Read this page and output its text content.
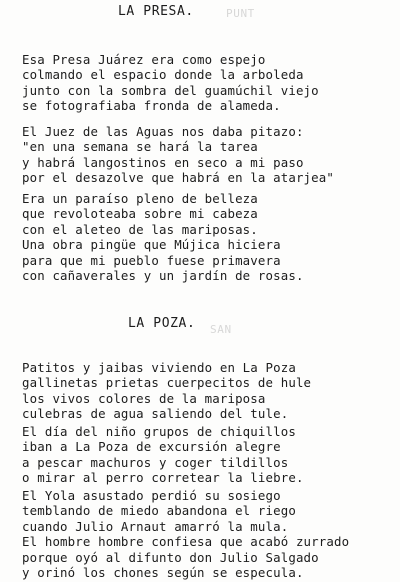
PUNT
SAN
LA PRESA.
Esa Presa Juárez era como espejo
colmando el espacio donde la arboleda
junto con la sombra del guamúchil viejo
se fotografiaba fronda de alameda.
El Juez de las Aguas nos daba pitazo:
"en una semana se hará la tarea
y habrá langostinos en seco a mi paso
por el desazolve que habrá en la atarjea"
Era un paraíso pleno de belleza
que revoloteaba sobre mi cabeza
con el aleteo de las mariposas.
Una obra pingüe que Mújica hiciera
para que mi pueblo fuese primavera
con cañaverales y un jardín de rosas.
LA POZA.
Patitos y jaibas viviendo en La Poza
gallinetas prietas cuerpecitos de hule
los vivos colores de la mariposa
culebras de agua saliendo del tule.
El día del niño grupos de chiquillos
iban a La Poza de excursión alegre
a pescar machuros y coger tildillos
o mirar al perro corretear la liebre.
El Yola asustado perdió su sosiego
temblando de miedo abandona el riego
cuando Julio Arnaut amarró la mula.
El hombre hombre confiesa que acabó zurrado
porque oyó al difunto don Julio Salgado
y orinó los chones según se especula.
